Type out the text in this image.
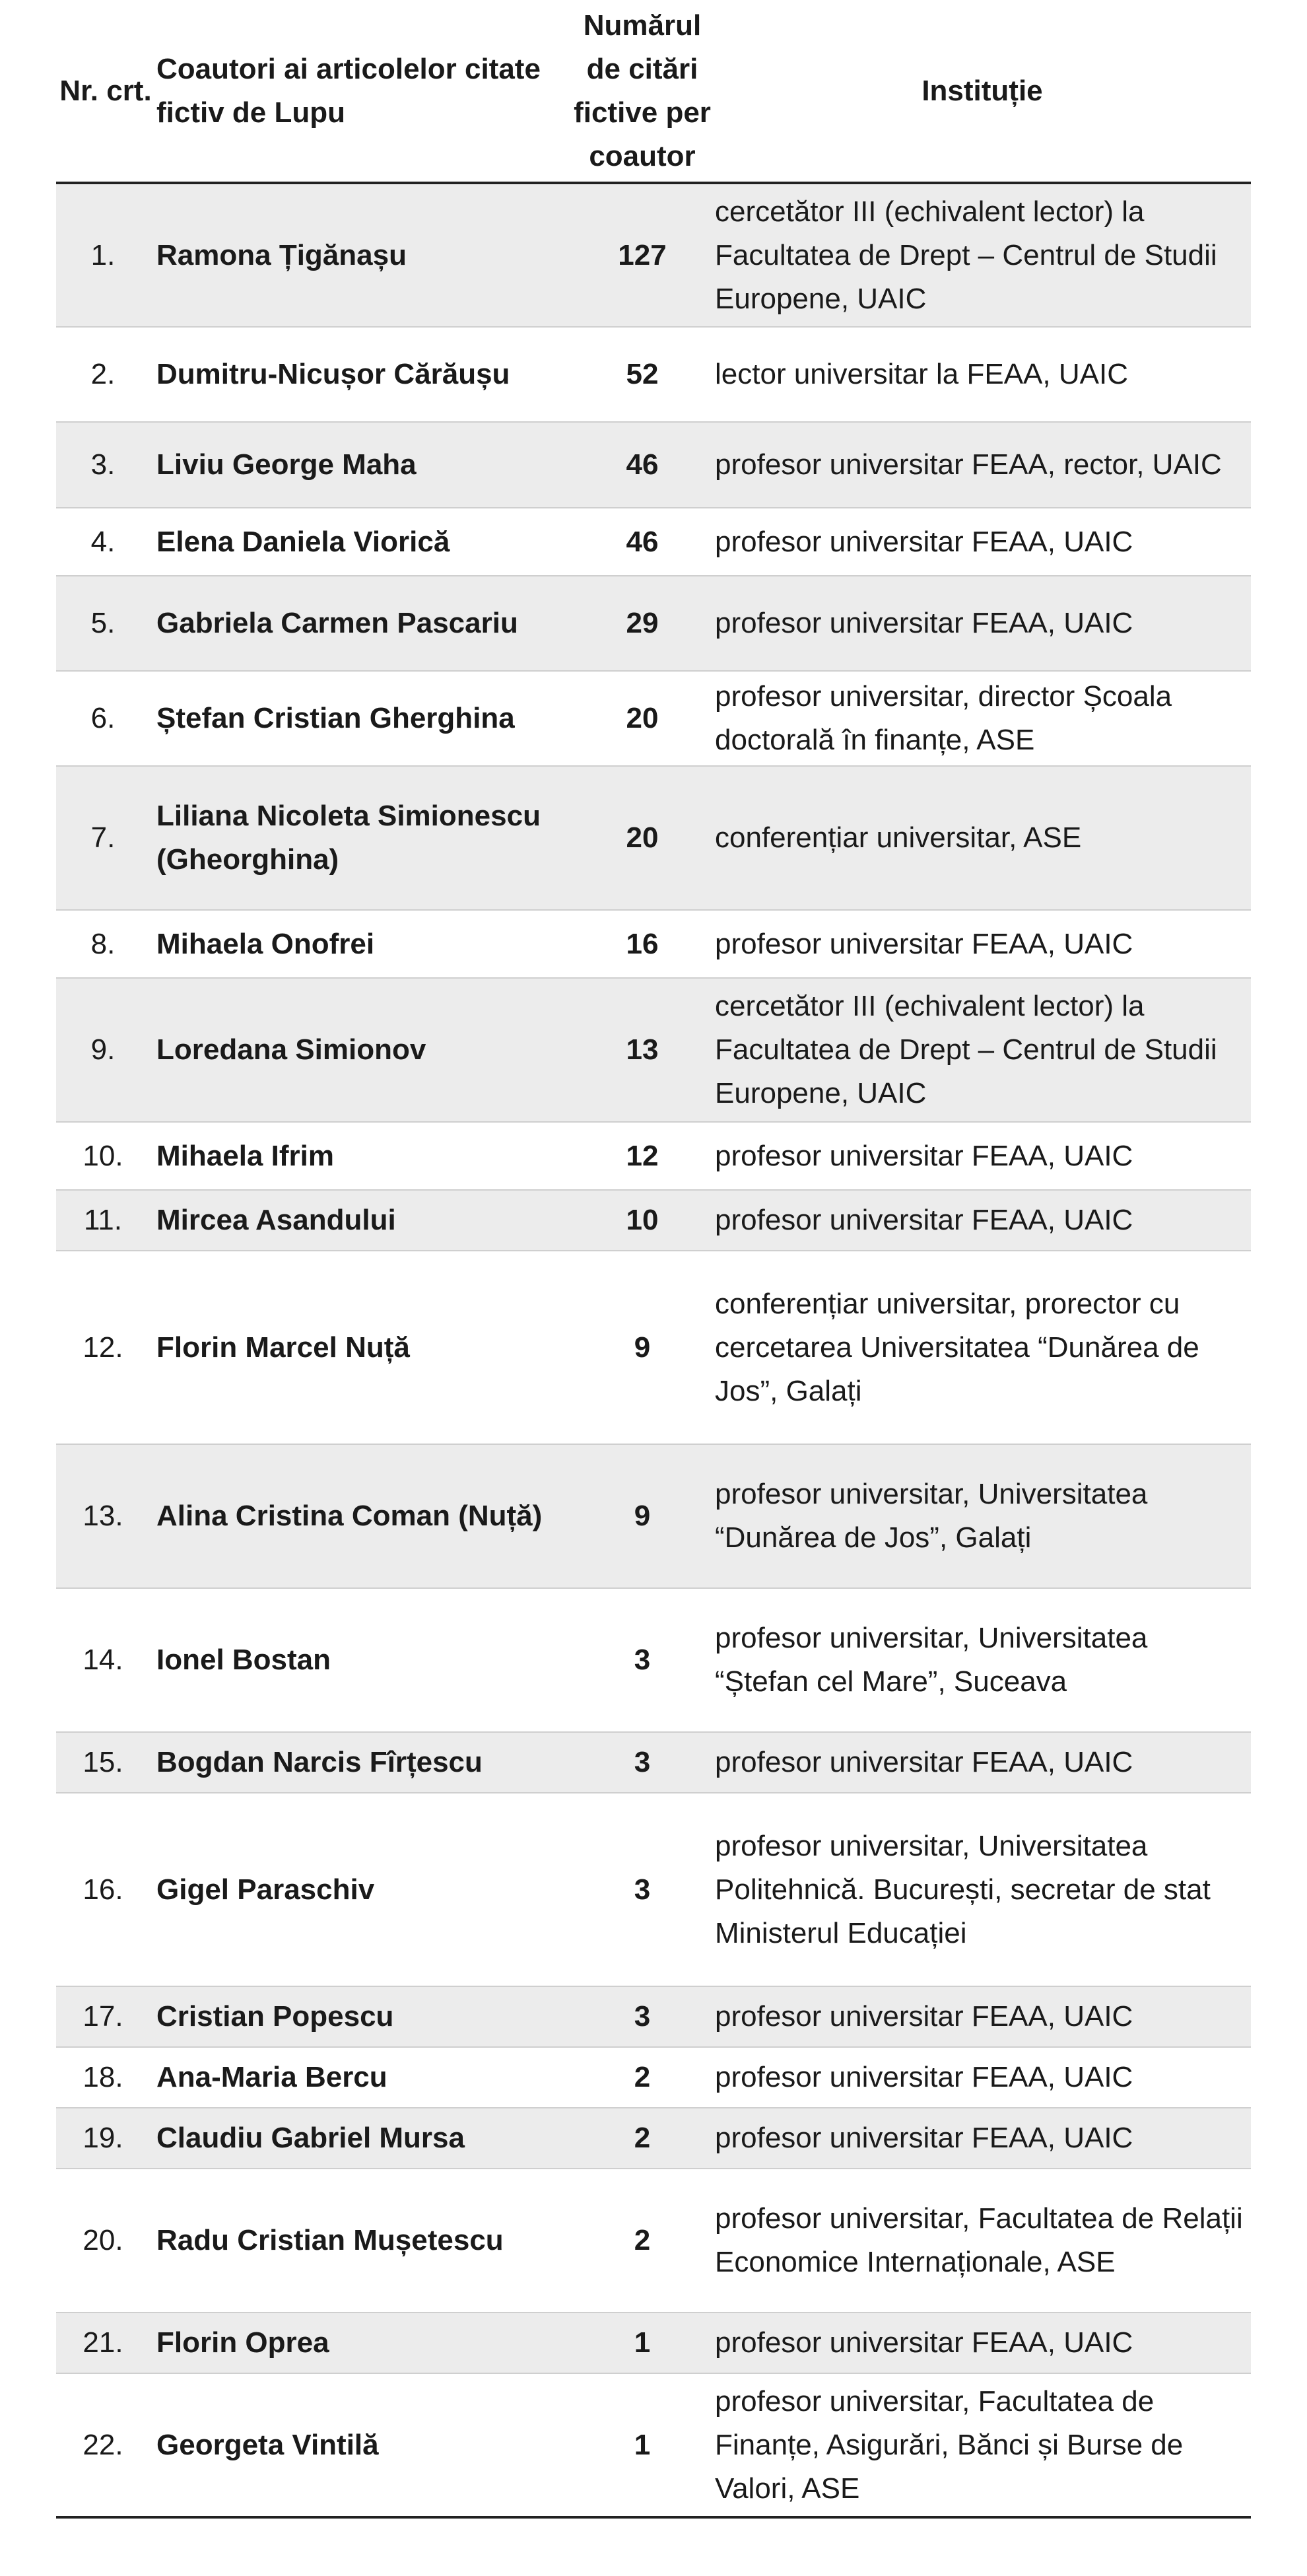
Nr. crt.	Coautori ai articolelor citate fictiv de Lupu	Numărul de citări fictive per coautor	Instituție
1.	Ramona Țigănașu	127	cercetător III (echivalent lector) la Facultatea de Drept – Centrul de Studii Europene, UAIC
2.	Dumitru-Nicușor Cărăușu	52	lector universitar la FEAA, UAIC
3.	Liviu George Maha	46	profesor universitar FEAA, rector, UAIC
4.	Elena Daniela Viorică	46	profesor universitar FEAA, UAIC
5.	Gabriela Carmen Pascariu	29	profesor universitar FEAA, UAIC
6.	Ștefan Cristian Gherghina	20	profesor universitar, director Școala doctorală în finanțe, ASE
7.	Liliana Nicoleta Simionescu (Gheorghina)	20	conferențiar universitar, ASE
8.	Mihaela Onofrei	16	profesor universitar FEAA, UAIC
9.	Loredana Simionov	13	cercetător III (echivalent lector) la Facultatea de Drept – Centrul de Studii Europene, UAIC
10.	Mihaela Ifrim	12	profesor universitar FEAA, UAIC
11.	Mircea Asandului	10	profesor universitar FEAA, UAIC
12.	Florin Marcel Nuță	9	conferențiar universitar, prorector cu cercetarea Universitatea “Dunărea de Jos”, Galați
13.	Alina Cristina Coman (Nuță)	9	profesor universitar, Universitatea “Dunărea de Jos”, Galați
14.	Ionel Bostan	3	profesor universitar, Universitatea “Ștefan cel Mare”, Suceava
15.	Bogdan Narcis Fîrțescu	3	profesor universitar FEAA, UAIC
16.	Gigel Paraschiv	3	profesor universitar, Universitatea Politehnică. București, secretar de stat Ministerul Educației
17.	Cristian Popescu	3	profesor universitar FEAA, UAIC
18.	Ana-Maria Bercu	2	profesor universitar FEAA, UAIC
19.	Claudiu Gabriel Mursa	2	profesor universitar FEAA, UAIC
20.	Radu Cristian Mușetescu	2	profesor universitar, Facultatea de Relații Economice Internaționale, ASE
21.	Florin Oprea	1	profesor universitar FEAA, UAIC
22.	Georgeta Vintilă	1	profesor universitar, Facultatea de Finanțe, Asigurări, Bănci și Burse de Valori, ASE
